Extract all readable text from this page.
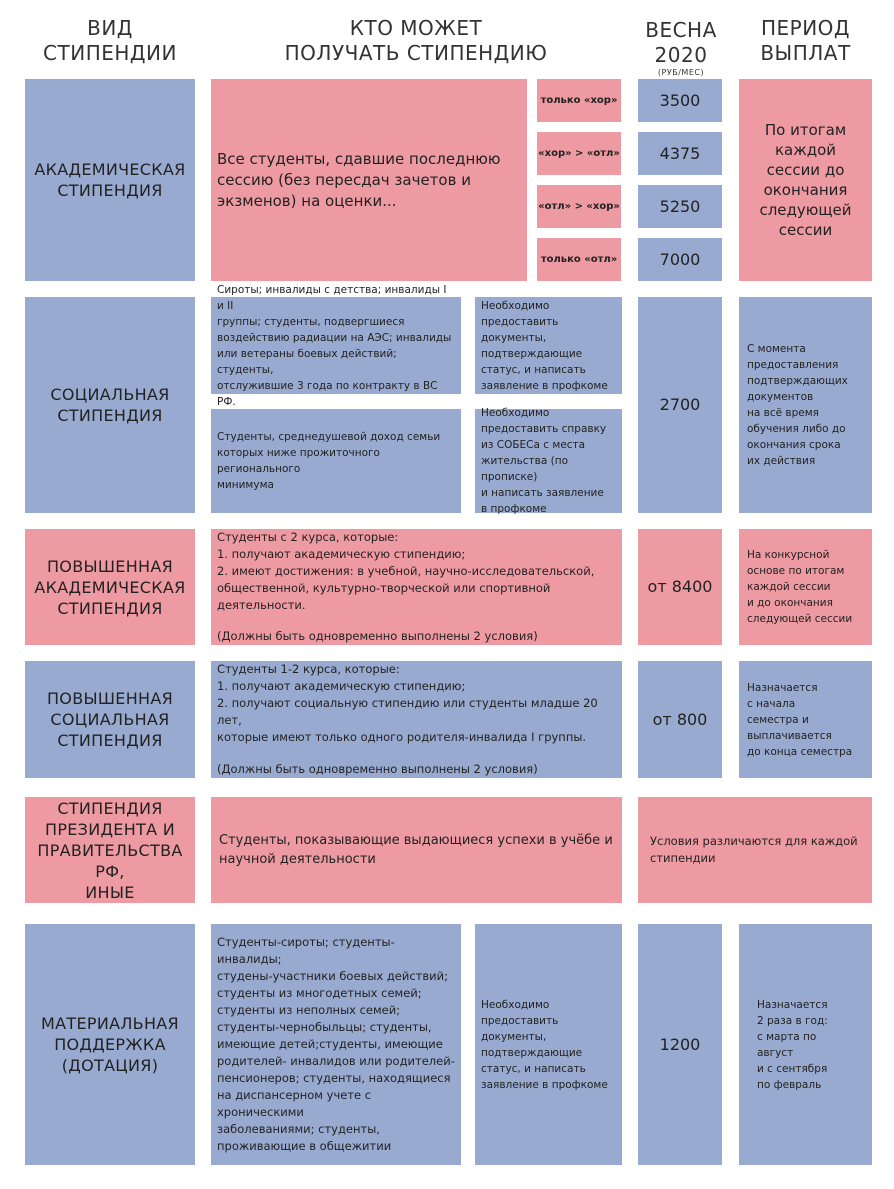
ВИД
СТИПЕНДИИ
КТО МОЖЕТ
ПОЛУЧАТЬ СТИПЕНДИЮ
ВЕСНА 2020
(РУБ/МЕС)
ПЕРИОД
ВЫПЛАТ
АКАДЕМИЧЕСКАЯ
СТИПЕНДИЯ
Все студенты, сдавшие последнюю сессию (без пересдач зачетов и экзменов) на оценки...
только «хор»
«хор» > «отл»
«отл» > «хор»
только «отл»
3500
4375
5250
7000
По итогам
каждой
сессии до
окончания
следующей
сессии
СОЦИАЛЬНАЯ
СТИПЕНДИЯ
Сироты; инвалиды с детства; инвалиды I и II
группы; студенты, подвергшиеся
воздействию радиации на АЭС; инвалиды
или ветераны боевых действий; студенты,
отслужившие 3 года по контракту в ВС РФ.
Необходимо
предоставить документы,
подтверждающие
статус, и написать
заявление в профкоме
Студенты, среднедушевой доход семьи
которых ниже прожиточного регионального
минимума
Необходимо
предоставить справку
из СОБЕСа с места
жительства (по прописке)
и написать заявление
в профкоме
2700
С момента
предоставления
подтверждающих
документов
на всё время
обучения либо до
окончания срока
их действия
ПОВЫШЕННАЯ
АКАДЕМИЧЕСКАЯ
СТИПЕНДИЯ
Студенты с 2 курса, которые:
1. получают академическую стипендию;
2. имеют достижения: в учебной, научно-исследовательской,
общественной, культурно-творческой или спортивной деятельности.
(Должны быть одновременно выполнены 2 условия)
от 8400
На конкурсной
основе по итогам
каждой сессии
и до окончания
следующей сессии
ПОВЫШЕННАЯ
СОЦИАЛЬНАЯ
СТИПЕНДИЯ
Студенты 1-2 курса, которые:
1. получают академическую стипендию;
2. получают социальную стипендию или студенты младше 20 лет,
которые имеют только одного родителя-инвалида I группы.
(Должны быть одновременно выполнены 2 условия)
от 800
Назначается
с начала
семестра и
выплачивается
до конца семестра
СТИПЕНДИЯ
ПРЕЗИДЕНТА И
ПРАВИТЕЛЬСТВА РФ,
ИНЫЕ
Студенты, показывающие выдающиеся успехи в учёбе и
научной деятельности
Условия различаются для каждой
стипендии
МАТЕРИАЛЬНАЯ
ПОДДЕРЖКА
(ДОТАЦИЯ)
Студенты-сироты; студенты-инвалиды;
студены-участники боевых действий;
студенты из многодетных семей;
студенты из неполных семей;
студенты-чернобыльцы; студенты,
имеющие детей;студенты, имеющие
родителей- инвалидов или родителей-
пенсионеров; студенты, находящиеся
на диспансерном учете с хроническими
заболеваниями; студенты,
проживающие в общежитии
Необходимо
предоставить документы,
подтверждающие
статус, и написать
заявление в профкоме
1200
Назначается
2 раза в год:
с марта по август
и с сентября
по февраль
